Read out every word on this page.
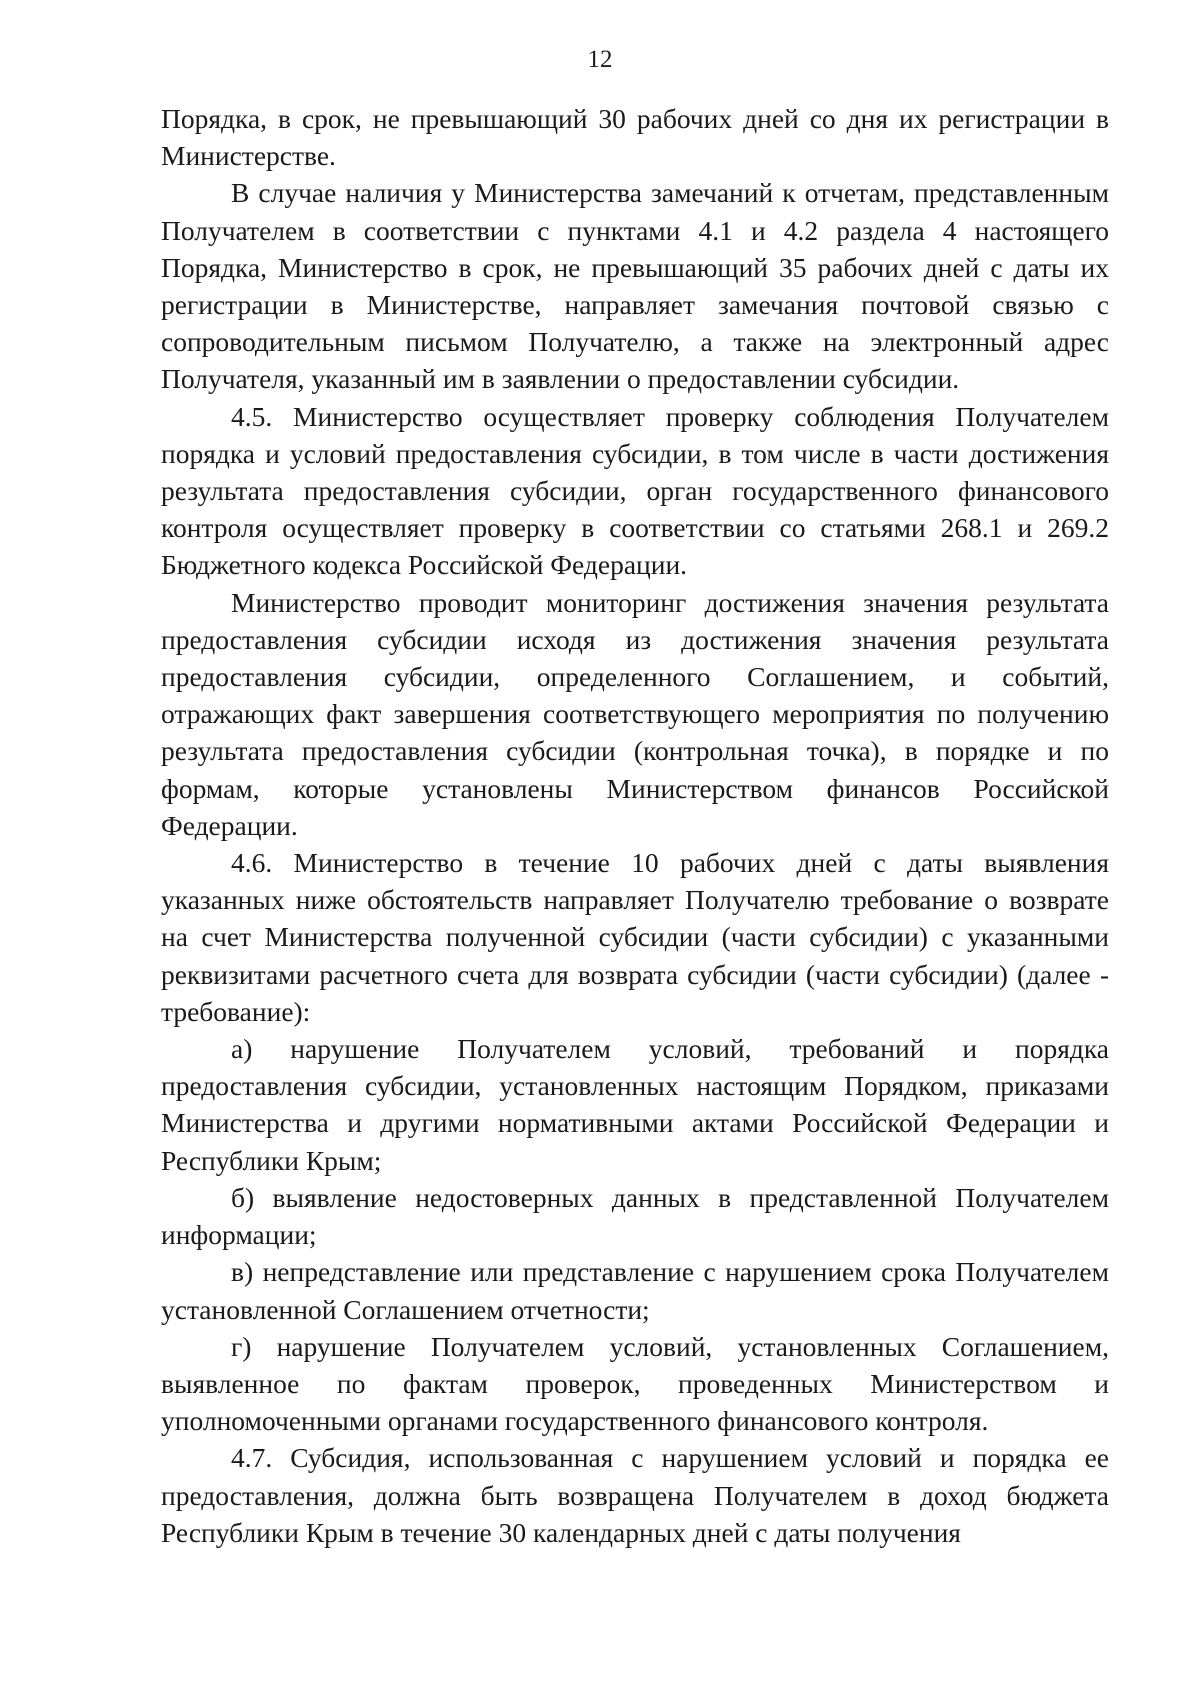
12

Порядка, в срок, не превышающий 30 рабочих дней со дня их регистрации в Министерстве.

В случае наличия у Министерства замечаний к отчетам, представленным Получателем в соответствии с пунктами 4.1 и 4.2 раздела 4 настоящего Порядка, Министерство в срок, не превышающий 35 рабочих дней с даты их регистрации в Министерстве, направляет замечания почтовой связью с сопроводительным письмом Получателю, а также на электронный адрес Получателя, указанный им в заявлении о предоставлении субсидии.

4.5. Министерство осуществляет проверку соблюдения Получателем порядка и условий предоставления субсидии, в том числе в части достижения результата предоставления субсидии, орган государственного финансового контроля осуществляет проверку в соответствии со статьями 268.1 и 269.2 Бюджетного кодекса Российской Федерации.

Министерство проводит мониторинг достижения значения результата предоставления субсидии исходя из достижения значения результата предоставления субсидии, определенного Соглашением, и событий, отражающих факт завершения соответствующего мероприятия по получению результата предоставления субсидии (контрольная точка), в порядке и по формам, которые установлены Министерством финансов Российской Федерации.

4.6. Министерство в течение 10 рабочих дней с даты выявления указанных ниже обстоятельств направляет Получателю требование о возврате на счет Министерства полученной субсидии (части субсидии) с указанными реквизитами расчетного счета для возврата субсидии (части субсидии) (далее - требование):

а) нарушение Получателем условий, требований и порядка предоставления субсидии, установленных настоящим Порядком, приказами Министерства и другими нормативными актами Российской Федерации и Республики Крым;

б) выявление недостоверных данных в представленной Получателем информации;

в) непредставление или представление с нарушением срока Получателем установленной Соглашением отчетности;

г) нарушение Получателем условий, установленных Соглашением, выявленное по фактам проверок, проведенных Министерством и уполномоченными органами государственного финансового контроля.

4.7. Субсидия, использованная с нарушением условий и порядка ее предоставления, должна быть возвращена Получателем в доход бюджета Республики Крым в течение 30 календарных дней с даты получения
